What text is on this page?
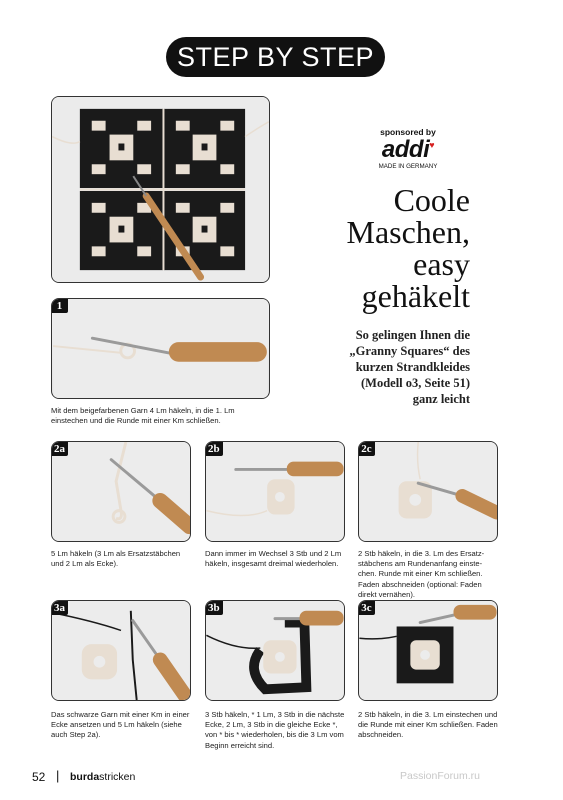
STEP BY STEP
sponsored by
addi♥
MADE IN GERMANY
Coole
Maschen,
easy
gehäkelt
So gelingen Ihnen die
„Granny Squares“ des
kurzen Strandkleides
(Modell o3, Seite 51)
ganz leicht
1
Mit dem beigefarbenen Garn 4 Lm häkeln, in die 1. Lm einstechen und die Runde mit einer Km schließen.
2a
5 Lm häkeln (3 Lm als Ersatzstäbchen und 2 Lm als Ecke).
2b
Dann immer im Wechsel 3 Stb und 2 Lm häkeln, insgesamt dreimal wiederholen.
2c
2 Stb häkeln, in die 3. Lm des Ersatz-stäbchens am Rundenanfang einste-chen. Runde mit einer Km schließen. Faden abschneiden (optional: Faden direkt vernähen).
3a
Das schwarze Garn mit einer Km in einer Ecke ansetzen und 5 Lm häkeln (siehe auch Step 2a).
3b
3 Stb häkeln, * 1 Lm, 3 Stb in die nächste Ecke, 2 Lm, 3 Stb in die gleiche Ecke *, von * bis * wiederholen, bis die 3 Lm vom Beginn erreicht sind.
3c
2 Stb häkeln, in die 3. Lm einstechen und die Runde mit einer Km schließen. Faden abschneiden.
52 | burdastricken	PassionForum.ru
